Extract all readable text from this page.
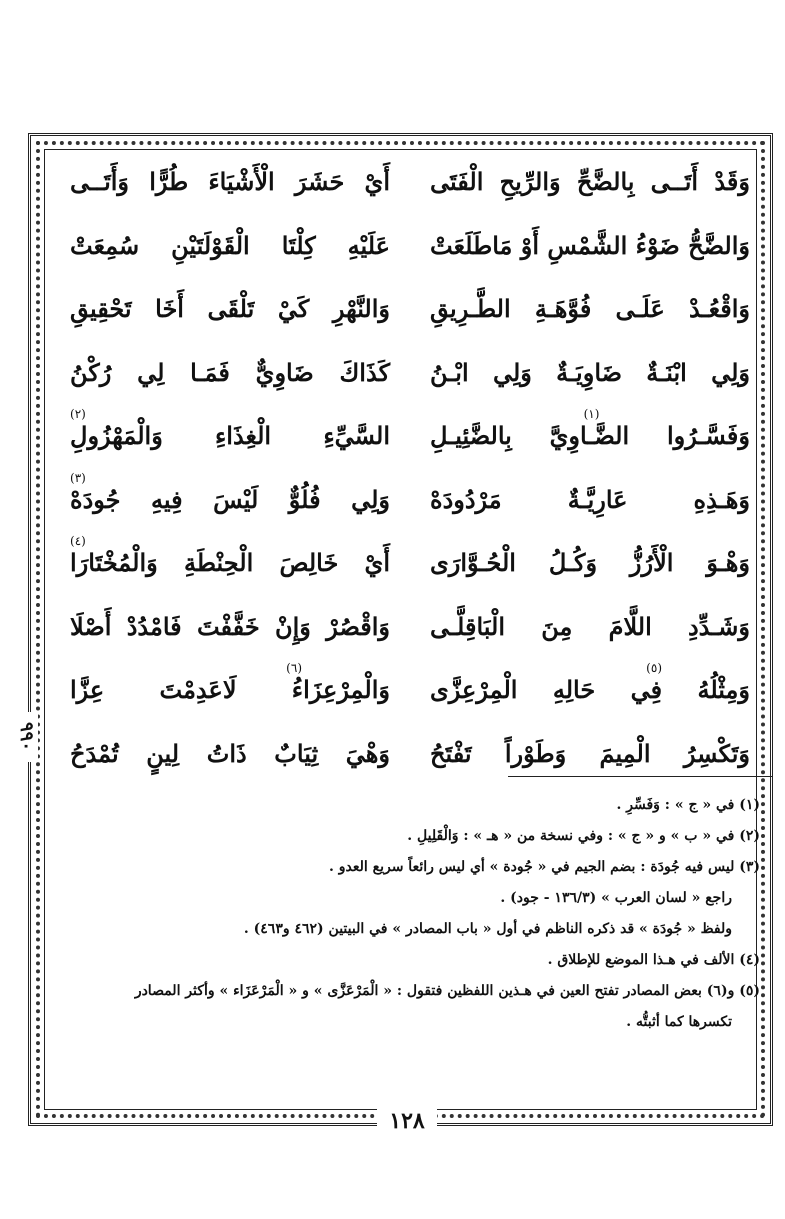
٩٩٠
وَقَدْ أَتَــى بِالضَّحِّ وَالرِّيحِ الْفَتَى
أَيْ حَشَرَ الْأَشْيَاءَ طُرًّا وَأَتَــى
وَالضَّحُّ ضَوْءُ الشَّمْسِ أَوْ مَاطَلَعَتْ
عَلَيْهِ كِلْتَا الْقَوْلَتَيْنِ سُمِعَتْ
وَاقْعُـدْ عَلَـى فُوَّهَـةِ الطَّـرِيقِ
وَالنَّهْرِ كَيْ تَلْقَى أَخَا تَحْقِيقِ
وَلِي ابْنَـةٌ ضَاوِيَـةٌ وَلِي ابْـنُ
كَذَاكَ ضَاوِيٌّ فَمَـا لِي رُكْنُ
(١)
وَفَسَّـرُوا الضَّـاوِيَّ بِالضَّئِيـلِ
(٢)
السَّيِّءِ الْغِذَاءِ وَالْمَهْزُولِ
وَهَـذِهِ عَارِيَّـةٌ مَرْدُودَهْ
(٣)
وَلِي فُلُوٌّ لَيْسَ فِيهِ جُودَهْ
وَهْـوَ الْأَرُزُّ وَكُـلُ الْحُـوَّارَى
(٤)
أَيْ خَالِصَ الْحِنْطَةِ وَالْمُخْتَارَا
وَشَـدِّدِ اللَّامَ مِنَ الْبَاقِلَّـى
وَاقْصُرْ وَإِنْ خَفَّفْتَ فَامْدُدْ أَصْلَا
(٥)
وَمِثْلُهُ فِي حَالِهِ الْمِرْعِزَّى
(٦)
وَالْمِرْعِزَاءُ لَاعَدِمْتَ عِزَّا
وَتَكْسِرُ الْمِيمَ وَطَوْراً تَفْتَحُ
وَهْيَ ثِيَابٌ ذَاتُ لِينٍ تُمْدَحُ
(١) في « ج » : وَفَسِّرِ .
(٢) في « ب » و « ج » : وفي نسخة من « هـ » : وَالْقَلِيلِ .
(٣) ليس فيه جُودَة : بضم الجيم في « جُودة » أي ليس رائعاً سريع العدو .
راجع « لسان العرب » (١٣٦/٣ - جود) .
ولفظ « جُودَة » قد ذكره الناظم في أول « باب المصادر » في البيتين (٤٦٢ و٤٦٣) .
(٤) الألف في هـذا الموضع للإطلاق .
(٥) و(٦) بعض المصادر تفتح العين في هـذين اللفظين فتقول : « الْمَرْعَزَّى » و « الْمَرْعَزَاء » وأكثر المصادر
تكسرها كما أثبتُّه .
١٢٨
